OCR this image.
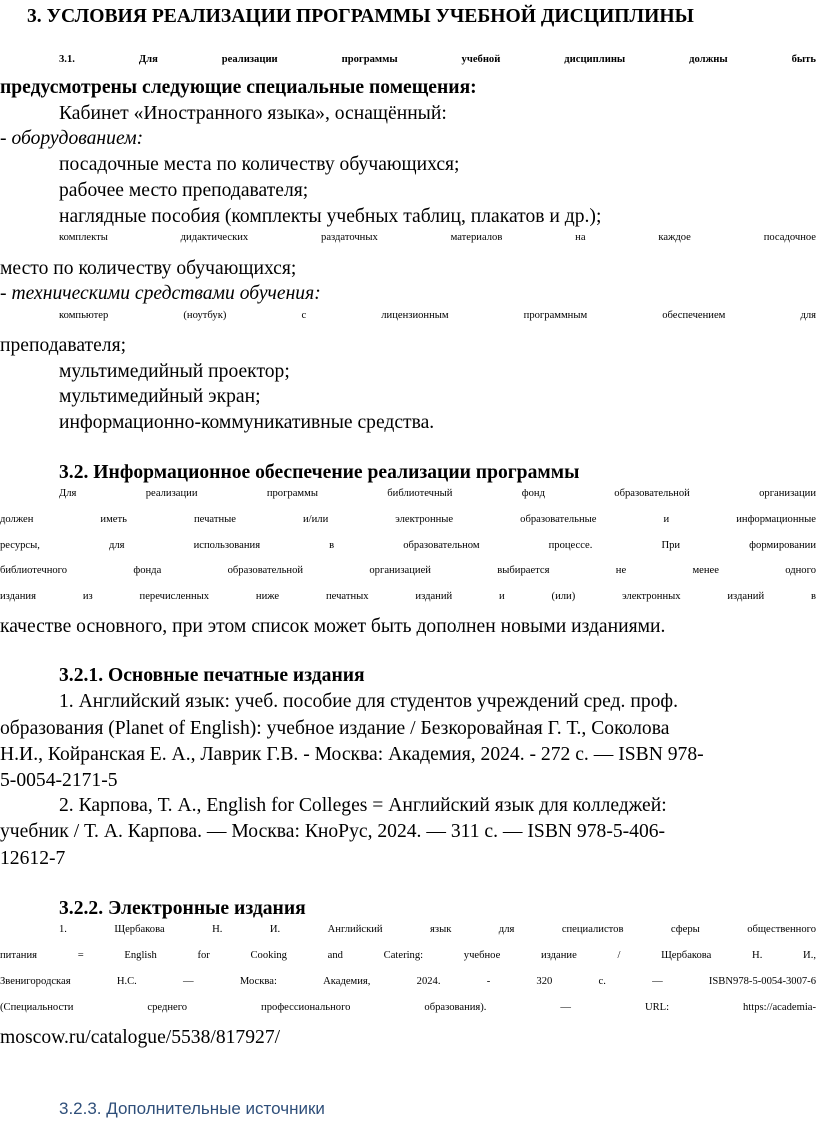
3. УСЛОВИЯ РЕАЛИЗАЦИИ ПРОГРАММЫ УЧЕБНОЙ ДИСЦИПЛИНЫ
3.1. Для реализации программы учебной дисциплины должны быть
предусмотрены следующие специальные помещения:
Кабинет «Иностранного языка», оснащённый:
- оборудованием:
посадочные места по количеству обучающихся;
рабочее место преподавателя;
наглядные пособия (комплекты учебных таблиц, плакатов и др.);
комплекты дидактических раздаточных материалов на каждое посадочное
место по количеству обучающихся;
- техническими средствами обучения:
компьютер (ноутбук) с лицензионным программным обеспечением для
преподавателя;
мультимедийный проектор;
мультимедийный экран;
информационно-коммуникативные средства.
3.2. Информационное обеспечение реализации программы
Для реализации программы библиотечный фонд образовательной организации
должен иметь печатные и/или электронные образовательные и информационные
ресурсы, для использования в образовательном процессе. При формировании
библиотечного фонда образовательной организацией выбирается не менее одного
издания из перечисленных ниже печатных изданий и (или) электронных изданий в
качестве основного, при этом список может быть дополнен новыми изданиями.
3.2.1. Основные печатные издания
1. Английский язык: учеб. пособие для студентов учреждений сред. проф.
образования (Planet of English): учебное издание / Безкоровайная Г. Т., Соколова
Н.И., Койранская Е. А., Лаврик Г.В. - Москва: Академия, 2024. - 272 с. — ISBN 978-
5-0054-2171-5
2. Карпова, Т. А., English for Colleges = Английский язык для колледжей:
учебник / Т. А. Карпова. — Москва: КноРус, 2024. — 311 с. — ISBN 978-5-406-
12612-7
3.2.2. Электронные издания
1. Щербакова Н. И. Английский язык для специалистов сферы общественного
питания = English for Cooking and Catering: учебное издание / Щербакова Н. И.,
Звенигородская Н.С. — Москва: Академия, 2024. - 320 с. — ISBN978-5-0054-3007-6
(Специальности среднего профессионального образования). — URL: https://academia-
moscow.ru/catalogue/5538/817927/
3.2.3. Дополнительные источники
